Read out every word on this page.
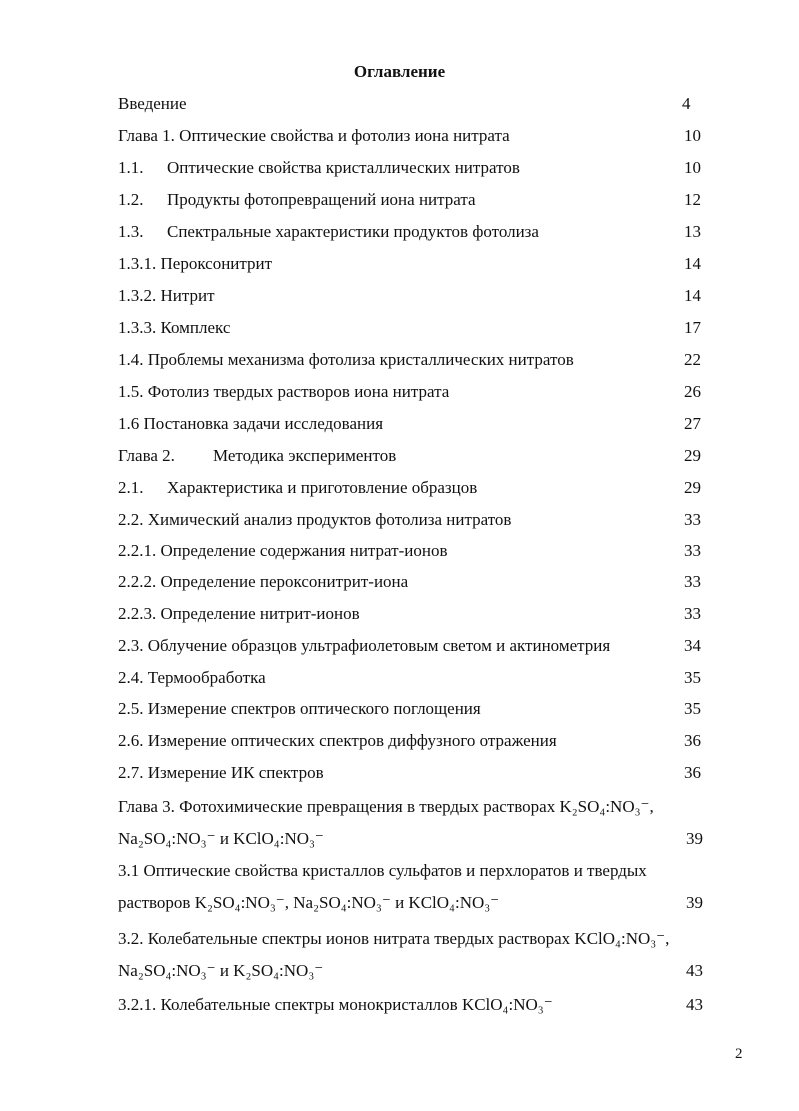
Оглавление
Введение	4
Глава 1. Оптические свойства и фотолиз иона нитрата	10
1.1. Оптические свойства кристаллических нитратов	10
1.2. Продукты фотопревращений иона нитрата	12
1.3. Спектральные характеристики продуктов фотолиза	13
1.3.1. Пероксонитрит	14
1.3.2. Нитрит	14
1.3.3. Комплекс	17
1.4. Проблемы механизма фотолиза кристаллических нитратов	22
1.5. Фотолиз твердых растворов иона нитрата	26
1.6 Постановка задачи исследования	27
Глава 2. Методика экспериментов	29
2.1. Характеристика и приготовление образцов	29
2.2. Химический анализ продуктов фотолиза нитратов	33
2.2.1. Определение содержания нитрат-ионов	33
2.2.2. Определение пероксонитрит-иона	33
2.2.3. Определение нитрит-ионов	33
2.3. Облучение образцов ультрафиолетовым светом и актинометрия	34
2.4. Термообработка	35
2.5. Измерение спектров оптического поглощения	35
2.6. Измерение оптических спектров диффузного отражения	36
2.7. Измерение ИК спектров	36
Глава 3. Фотохимические превращения в твердых растворах K₂SO₄:NO₃⁻,
Na₂SO₄:NO₃⁻ и KClO₄:NO₃⁻	39
3.1 Оптические свойства кристаллов сульфатов и перхлоратов и твердых
растворов K₂SO₄:NO₃⁻, Na₂SO₄:NO₃⁻ и KClO₄:NO₃⁻	39
3.2. Колебательные спектры ионов нитрата твердых растворах KClO₄:NO₃⁻,
Na₂SO₄:NO₃⁻ и K₂SO₄:NO₃⁻	43
3.2.1. Колебательные спектры монокристаллов KClO₄:NO₃⁻	43
2
